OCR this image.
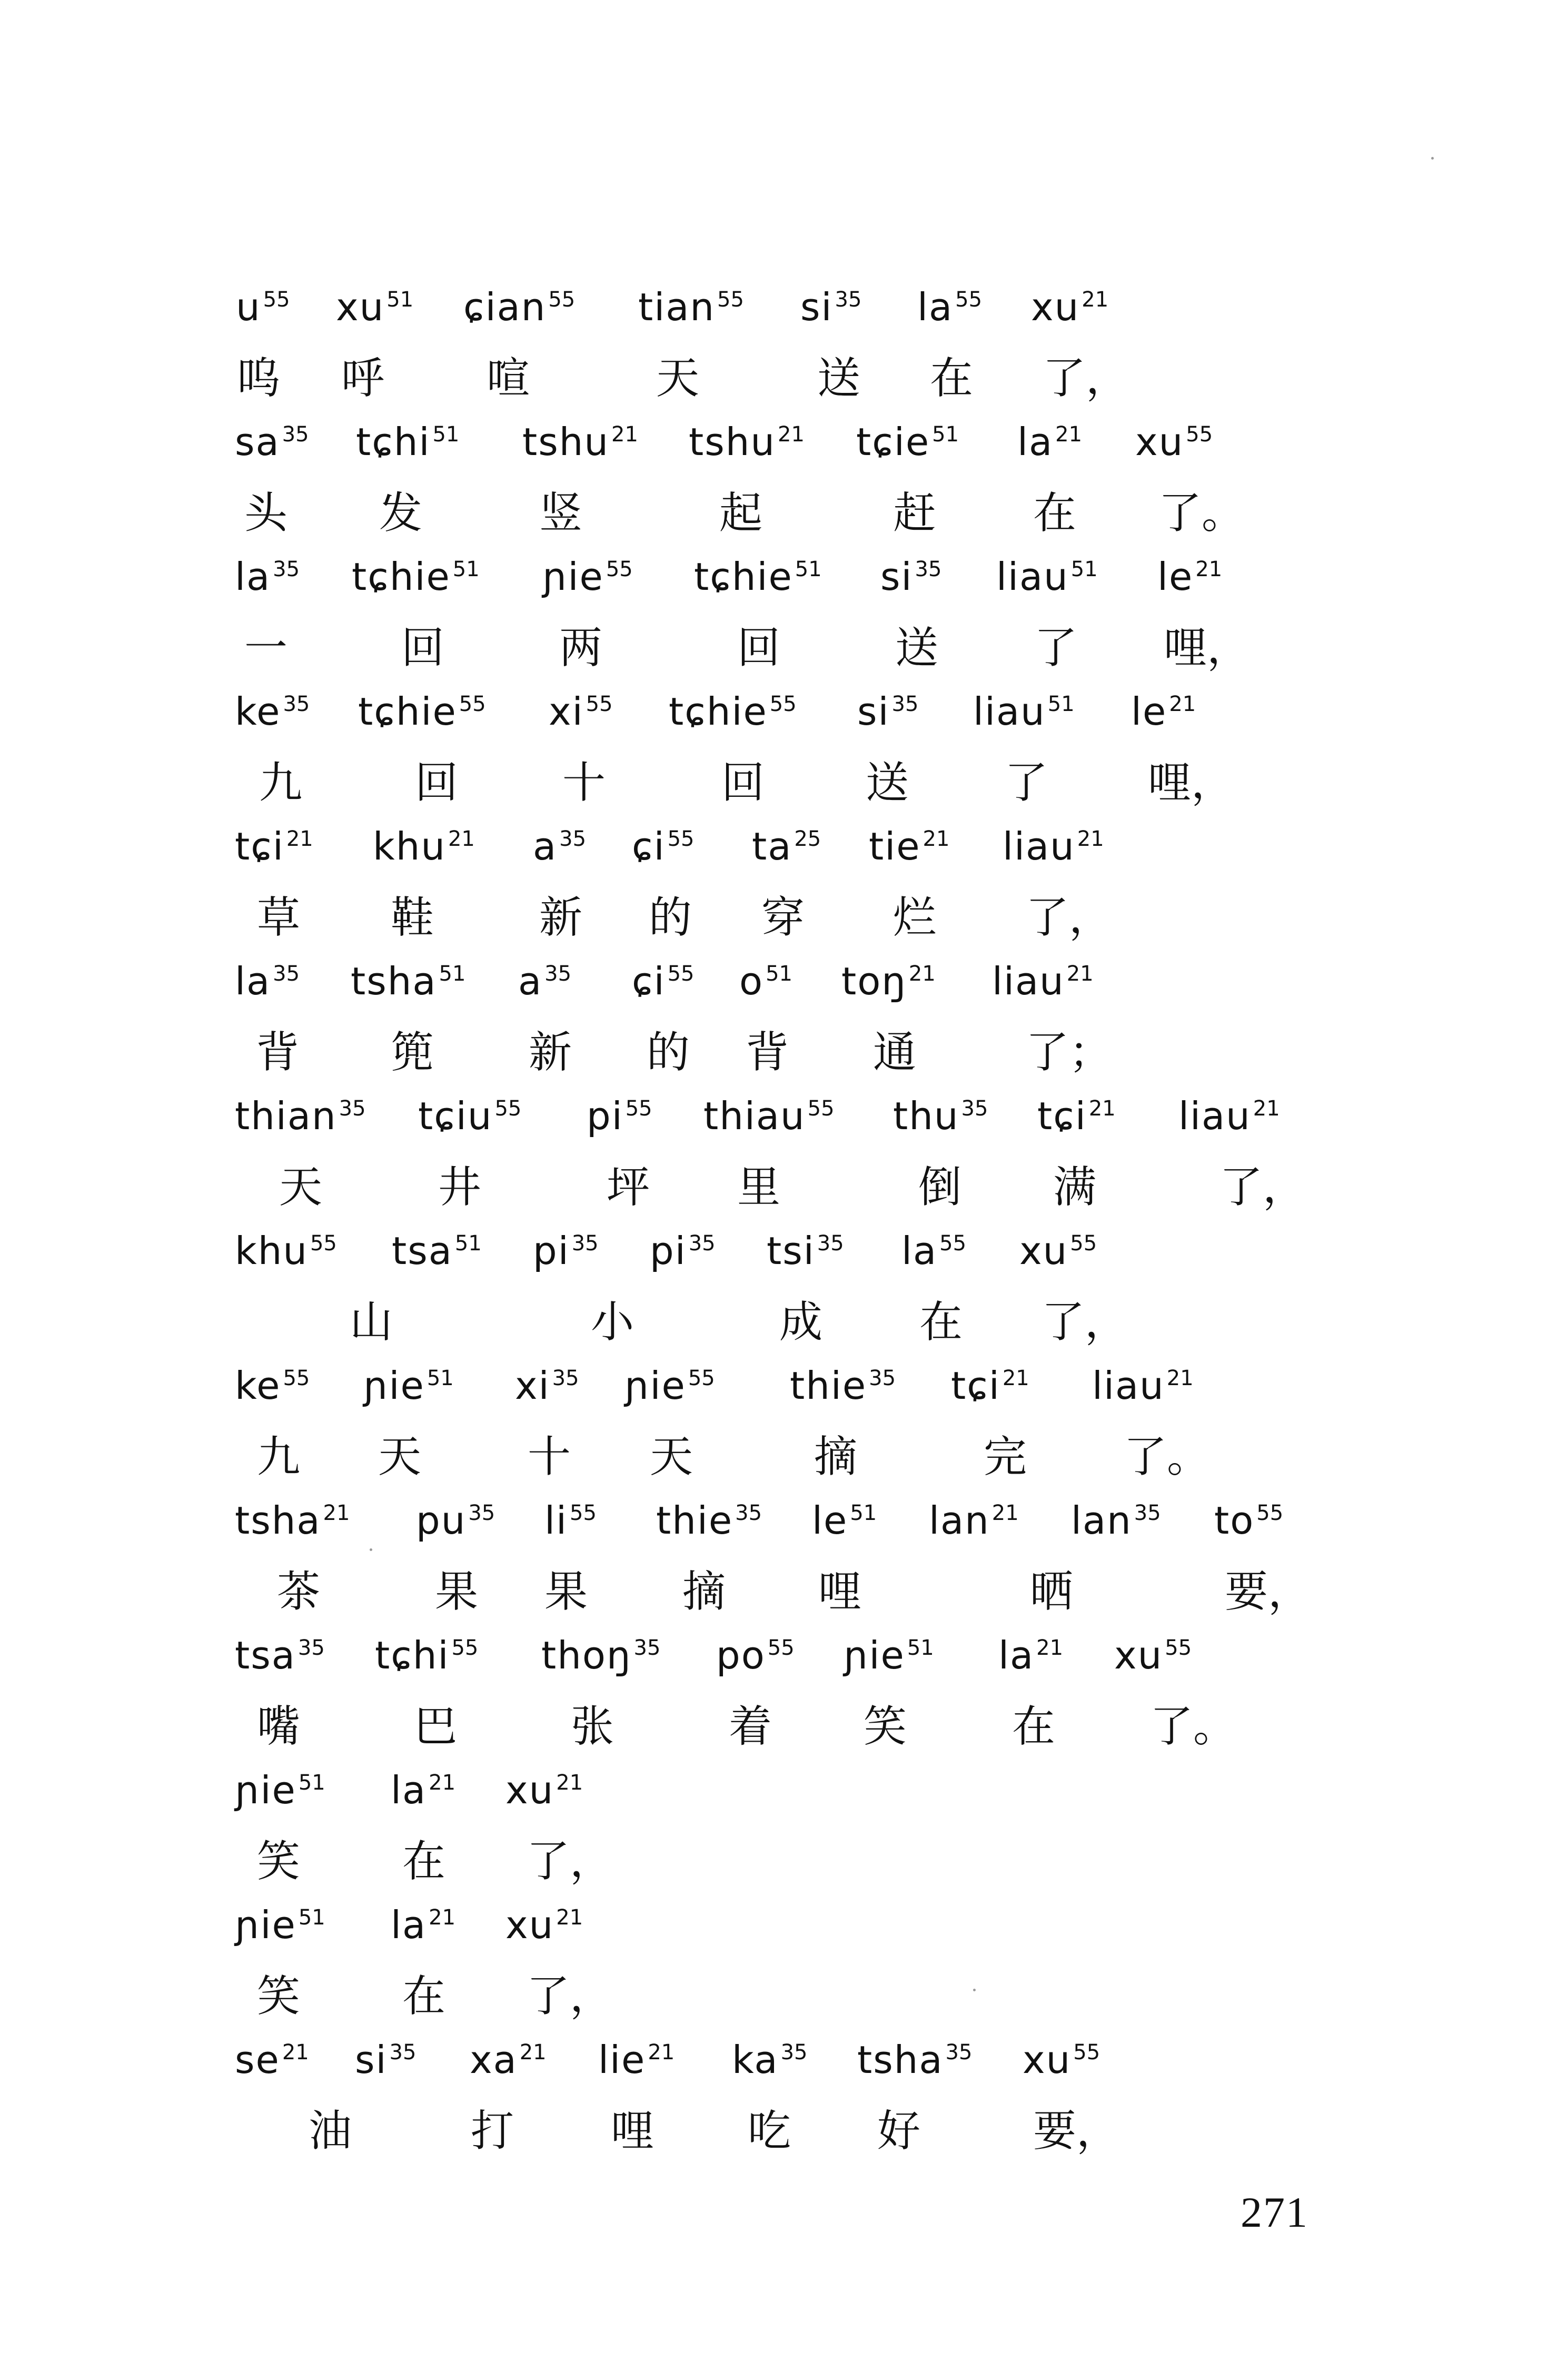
u $^{55}$ xu $^{51}$ ɕian $^{55}$ tian $^{55}$ si $^{35}$ la $^{55}$ xu $^{21}$
呜 呼 喧	天	送 在 了，
sa $^{35}$ tɕhi $^{51}$ tshu $^{21}$ tshu $^{21}$ tɕie $^{51}$ la $^{21}$ xu $^{55}$
头 发	竖	起	赶 在 了。
la $^{35}$ tɕhie $^{51}$ ɲie $^{55}$ tɕhie $^{51}$ si $^{35}$ liau $^{51}$ le $^{21}$
一	回	两	回	送 了 哩，
ke $^{35}$ tɕhie $^{55}$ xi $^{55}$ tɕhie $^{55}$ si $^{35}$ liau $^{51}$ le $^{21}$
九	回 十	回 送 了 哩，
tɕi $^{21}$ khu $^{21}$ a $^{35}$ ɕi $^{55}$ ta $^{25}$ tie $^{21}$ liau $^{21}$
草 鞋 新 的 穿 烂 了，
la $^{35}$ tsha $^{51}$ a $^{35}$ ɕi $^{55}$ o $^{51}$ toŋ $^{21}$ liau $^{21}$
背 篼 新 的 背 通	了；
thian $^{35}$ tɕiu $^{55}$ pi $^{55}$ thiau $^{55}$ thu $^{35}$ tɕi $^{21}$ liau $^{21}$
天	井	坪 里	倒 满	了，
khu $^{55}$ tsa $^{51}$ pi $^{35}$ pi $^{35}$ tsi $^{35}$ la $^{55}$ xu $^{55}$
山	小	成 在 了，
ke $^{55}$ ɲie $^{51}$ xi $^{35}$ ɲie $^{55}$ thie $^{35}$ tɕi $^{21}$ liau $^{21}$
九 天 十 天	摘	完 了。
tsha $^{21}$ pu $^{35}$ li $^{55}$ thie $^{35}$ le $^{51}$ lan $^{21}$ lan $^{35}$ to $^{55}$
茶	果 果 摘 哩	晒	要，
tsa $^{35}$ tɕhi $^{55}$ thoŋ $^{35}$ po $^{55}$ ɲie $^{51}$ la $^{21}$ xu $^{55}$
嘴	巴	张	着 笑 在 了。
ɲie $^{51}$ la $^{21}$ xu $^{21}$
笑 在 了，
ɲie $^{51}$ la $^{21}$ xu $^{21}$
笑 在 了，
se $^{21}$ si $^{35}$ xa $^{21}$ lie $^{21}$ ka $^{35}$ tsha $^{35}$ xu $^{55}$
油	打 哩 吃 好	要，
271
